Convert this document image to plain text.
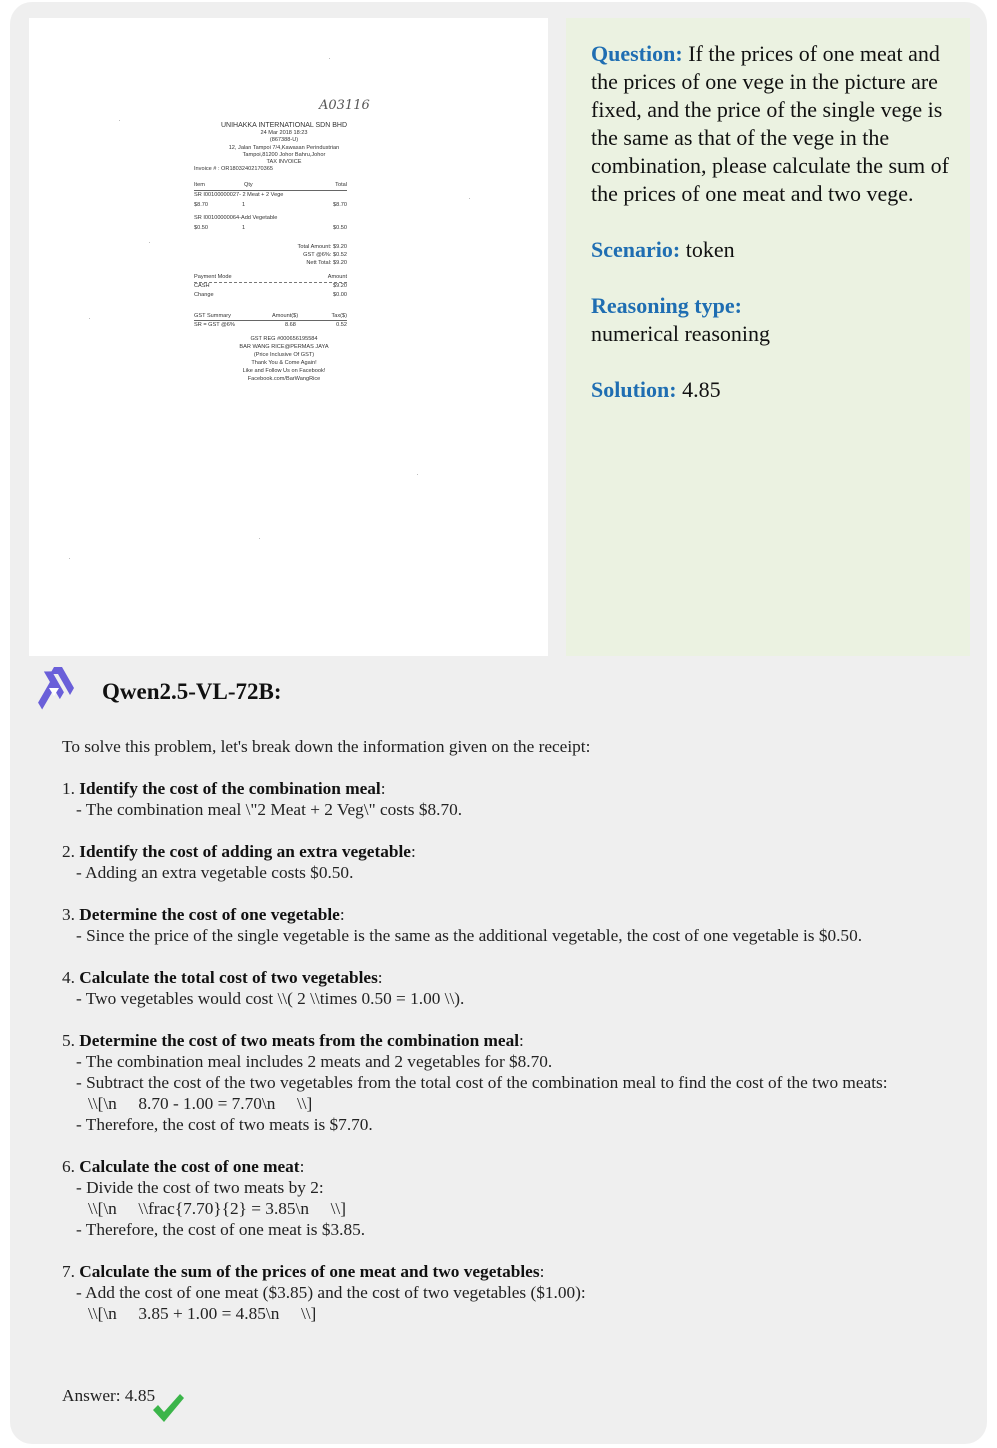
A03116
UNIHAKKA INTERNATIONAL SDN BHD
24 Mar 2018 18:23
(867388-U)
12, Jalan Tampoi 7/4,Kawasan Perindustrian
Tampoi,81200 Johor Bahru,Johor
TAX INVOICE
Invoice # : OR18032402170365
Item	Qty	Total
SR I00100000027- 2 Meat + 2 Vege
$8.70	1	$8.70
SR I00100000064-Add Vegetable
$0.50	1	$0.50
Total Amount: $9.20
GST @6%: $0.52
Nett Total: $9.20
Payment Mode	Amount
CASH	$9.20
Change	$0.00
GST Summary	Amount($)	Tax($)
SR = GST @6%	8.68	0.52
GST REG #000656195584
BAR WANG RICE@PERMAS JAYA
(Price Inclusive Of GST)
Thank You & Come Again!
Like and Follow Us on Facebook!
Facebook.com/BarWangRice

Question: If the prices of one meat and the prices of one vege in the picture are fixed, and the price of the single vege is the same as that of the vege in the combination, please calculate the sum of the prices of one meat and two vege.

Scenario: token

Reasoning type:
numerical reasoning

Solution: 4.85

Qwen2.5-VL-72B:
To solve this problem, let's break down the information given on the receipt:
1. Identify the cost of the combination meal:
- The combination meal \"2 Meat + 2 Veg\" costs $8.70.
2. Identify the cost of adding an extra vegetable:
- Adding an extra vegetable costs $0.50.
3. Determine the cost of one vegetable:
- Since the price of the single vegetable is the same as the additional vegetable, the cost of one vegetable is $0.50.
4. Calculate the total cost of two vegetables:
- Two vegetables would cost \\( 2 \\times 0.50 = 1.00 \\).
5. Determine the cost of two meats from the combination meal:
- The combination meal includes 2 meats and 2 vegetables for $8.70.
- Subtract the cost of the two vegetables from the total cost of the combination meal to find the cost of the two meats:
\\[\n     8.70 - 1.00 = 7.70\n     \\]
- Therefore, the cost of two meats is $7.70.
6. Calculate the cost of one meat:
- Divide the cost of two meats by 2:
\\[\n     \\frac{7.70}{2} = 3.85\n     \\]
- Therefore, the cost of one meat is $3.85.
7. Calculate the sum of the prices of one meat and two vegetables:
- Add the cost of one meat ($3.85) and the cost of two vegetables ($1.00):
\\[\n     3.85 + 1.00 = 4.85\n     \\]
Answer: 4.85
